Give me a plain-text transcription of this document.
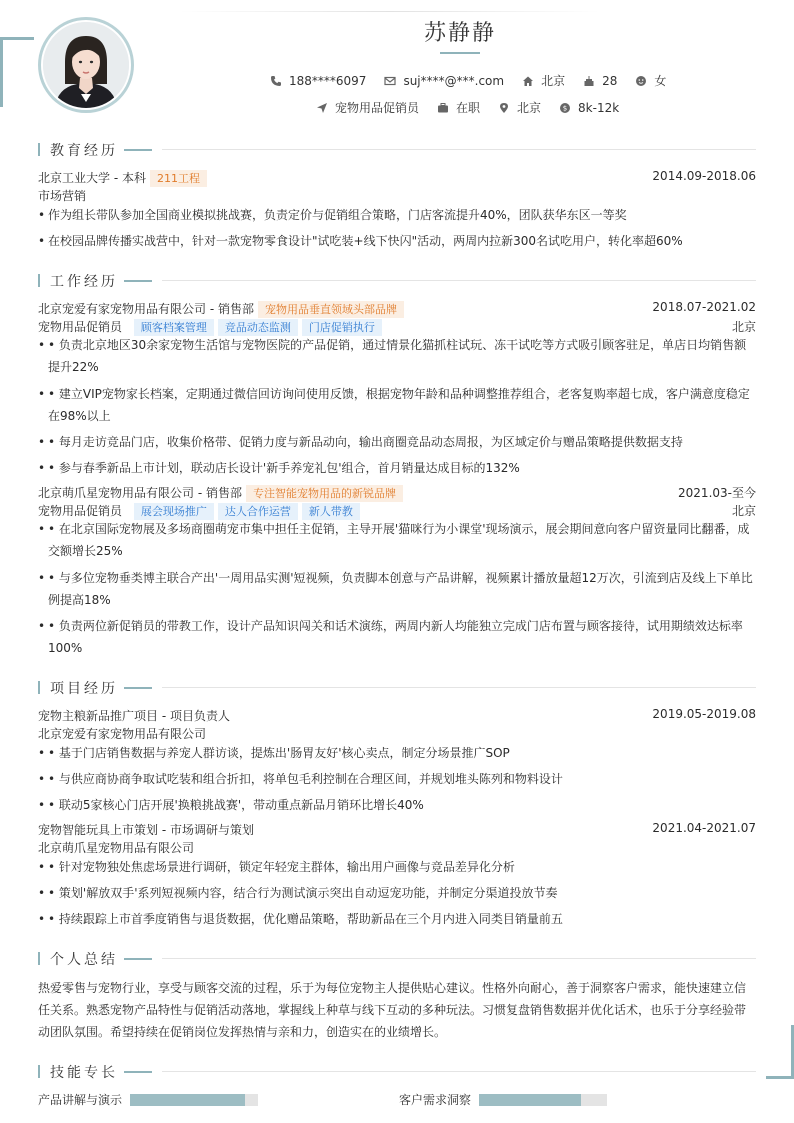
苏静静
188****6097	suj****@***.com	北京	28	女
宠物用品促销员	在职	北京	$ 8k-12k
教育经历
北京工业大学 - 本科 211工程	2014.09-2018.06
市场营销
• 作为组长带队参加全国商业模拟挑战赛，负责定价与促销组合策略，门店客流提升40%，团队获华东区一等奖
• 在校园品牌传播实战营中，针对一款宠物零食设计"试吃装+线下快闪"活动，两周内拉新300名试吃用户，转化率超60%
工作经历
北京宠爱有家宠物用品有限公司 - 销售部 宠物用品垂直领域头部品牌	2018.07-2021.02
宠物用品促销员 顾客档案管理 竞品动态监测 门店促销执行	北京
• • 负责北京地区30余家宠物生活馆与宠物医院的产品促销，通过情景化猫抓柱试玩、冻干试吃等方式吸引顾客驻足，单店日均销售额提升22%
• • 建立VIP宠物家长档案，定期通过微信回访询问使用反馈，根据宠物年龄和品种调整推荐组合，老客复购率超七成，客户满意度稳定在98%以上
• • 每月走访竞品门店，收集价格带、促销力度与新品动向，输出商圈竞品动态周报，为区域定价与赠品策略提供数据支持
• • 参与春季新品上市计划，联动店长设计'新手养宠礼包'组合，首月销量达成目标的132%
北京萌爪星宠物用品有限公司 - 销售部 专注智能宠物用品的新锐品牌	2021.03-至今
宠物用品促销员 展会现场推广 达人合作运营 新人带教	北京
• • 在北京国际宠物展及多场商圈萌宠市集中担任主促销，主导开展'猫咪行为小课堂'现场演示，展会期间意向客户留资量同比翻番，成交额增长25%
• • 与多位宠物垂类博主联合产出'一周用品实测'短视频，负责脚本创意与产品讲解，视频累计播放量超12万次，引流到店及线上下单比例提高18%
• • 负责两位新促销员的带教工作，设计产品知识闯关和话术演练，两周内新人均能独立完成门店布置与顾客接待，试用期绩效达标率100%
项目经历
宠物主粮新品推广项目 - 项目负责人	2019.05-2019.08
北京宠爱有家宠物用品有限公司
• • 基于门店销售数据与养宠人群访谈，提炼出'肠胃友好'核心卖点，制定分场景推广SOP
• • 与供应商协商争取试吃装和组合折扣，将单包毛利控制在合理区间，并规划堆头陈列和物料设计
• • 联动5家核心门店开展'换粮挑战赛'，带动重点新品月销环比增长40%
宠物智能玩具上市策划 - 市场调研与策划	2021.04-2021.07
北京萌爪星宠物用品有限公司
• • 针对宠物独处焦虑场景进行调研，锁定年轻宠主群体，输出用户画像与竞品差异化分析
• • 策划'解放双手'系列短视频内容，结合行为测试演示突出自动逗宠功能，并制定分渠道投放节奏
• • 持续跟踪上市首季度销售与退货数据，优化赠品策略，帮助新品在三个月内进入同类目销量前五
个人总结
热爱零售与宠物行业，享受与顾客交流的过程，乐于为每位宠物主人提供贴心建议。性格外向耐心，善于洞察客户需求，能快速建立信任关系。熟悉宠物产品特性与促销活动落地，掌握线上种草与线下互动的多种玩法。习惯复盘销售数据并优化话术，也乐于分享经验带动团队氛围。希望持续在促销岗位发挥热情与亲和力，创造实在的业绩增长。
技能专长
产品讲解与演示	客户需求洞察
